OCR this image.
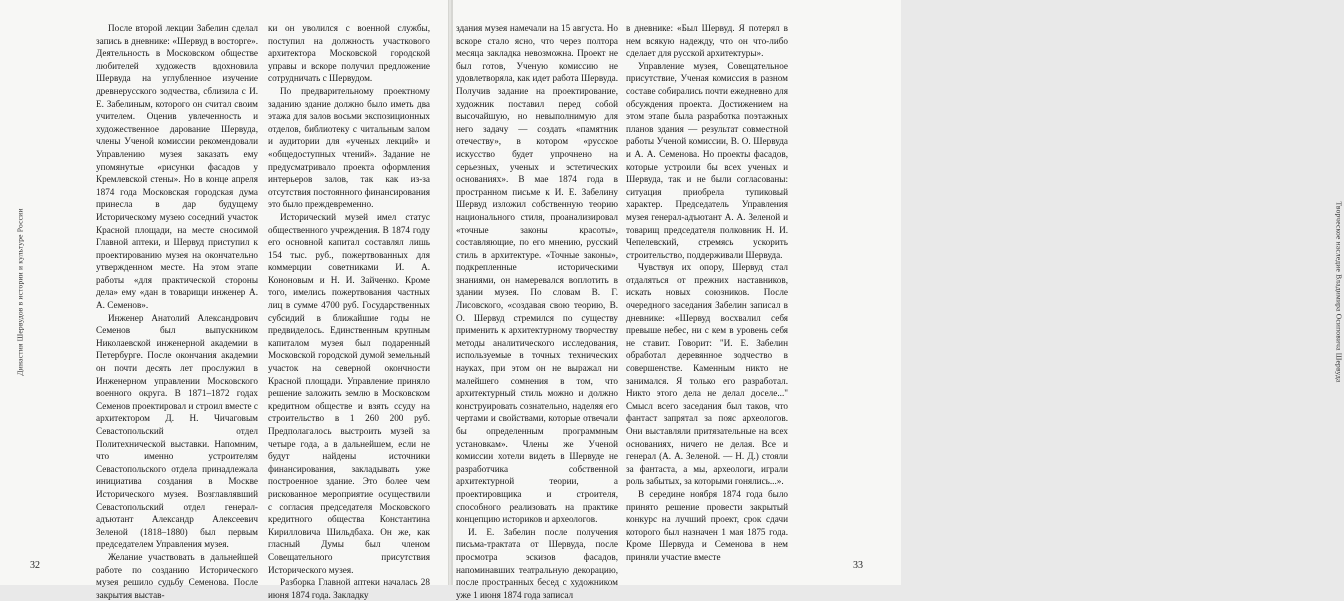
Династия Шервудов в истории и культуре России
32
Творческое наследие Владимира Осиповича Шервуда
33

После второй лекции Забелин сделал запись в дневнике: «Шервуд в восторге». Деятельность в Московском обществе любителей художеств вдохновила Шервуда на углубленное изучение древнерусского зодчества, сблизила с И. Е. Забелиным, которого он считал своим учителем. Оценив увлеченность и художественное дарование Шервуда, члены Ученой комиссии рекомендовали Управлению музея заказать ему упомянутые «рисунки фасадов у Кремлевской стены». Но в конце апреля 1874 года Московская городская дума принесла в дар будущему Историческому музею соседний участок Красной площади, на месте сносимой Главной аптеки, и Шервуд приступил к проектированию музея на окончательно утвержденном месте. На этом этапе работы «для практической стороны дела» ему «дан в товарищи инженер А. А. Семенов».

Инженер Анатолий Александрович Семенов был выпускником Николаевской инженерной академии в Петербурге. После окончания академии он почти десять лет прослужил в Инженерном управлении Московского военного округа. В 1871–1872 годах Семенов проектировал и строил вместе с архитектором Д. Н. Чичаговым Севастопольский отдел Политехнической выставки. Напомним, что именно устроителям Севастопольского отдела принадлежала инициатива создания в Москве Исторического музея. Возглавлявший Севастопольский отдел генерал-адъютант Александр Алексеевич Зеленой (1818–1880) был первым председателем Управления музея.

Желание участвовать в дальнейшей работе по созданию Исторического музея решило судьбу Семенова. После закрытия выстав-

ки он уволился с военной службы, поступил на должность участкового архитектора Московской городской управы и вскоре получил предложение сотрудничать с Шервудом.

По предварительному проектному заданию здание должно было иметь два этажа для залов восьми экспозиционных отделов, библиотеку с читальным залом и аудитории для «ученых лекций» и «общедоступных чтений». Задание не предусматривало проекта оформления интерьеров залов, так как из-за отсутствия постоянного финансирования это было преждевременно.

Исторический музей имел статус общественного учреждения. В 1874 году его основной капитал составлял лишь 154 тыс. руб., пожертвованных для коммерции советниками И. А. Кононовым и Н. И. Зайченко. Кроме того, имелись пожертвования частных лиц в сумме 4700 руб. Государственных субсидий в ближайшие годы не предвиделось. Единственным крупным капиталом музея был подаренный Московской городской думой земельный участок на северной окончности Красной площади. Управление приняло решение заложить землю в Московском кредитном обществе и взять ссуду на строительство в 1 260 200 руб. Предполагалось выстроить музей за четыре года, а в дальнейшем, если не будут найдены источники финансирования, закладывать уже построенное здание. Это более чем рискованное мероприятие осуществили с согласия председателя Московского кредитного общества Константина Кирилловича Шильдбаха. Он же, как гласный Думы был членом Совещательного присутствия Исторического музея.

Разборка Главной аптеки началась 28 июня 1874 года. Закладку

здания музея намечали на 15 августа. Но вскоре стало ясно, что через полтора месяца закладка невозможна. Проект не был готов, Ученую комиссию не удовлетворяла, как идет работа Шервуда. Получив задание на проектирование, художник поставил перед собой высочайшую, но невыполнимую для него задачу — создать «памятник отечеству», в котором «русское искусство будет упрочнено на серьезных, ученых и эстетических основаниях». В мае 1874 года в пространном письме к И. Е. Забелину Шервуд изложил собственную теорию национального стиля, проанализировал «точные законы красоты», составляющие, по его мнению, русский стиль в архитектуре. «Точные законы», подкрепленные историческими знаниями, он намеревался воплотить в здании музея. По словам В. Г. Лисовского, «создавая свою теорию, В. О. Шервуд стремился по существу применить к архитектурному творчеству методы аналитического исследования, используемые в точных технических науках, при этом он не выражал ни малейшего сомнения в том, что архитектурный стиль можно и должно конструировать сознательно, наделяя его чертами и свойствами, которые отвечали бы определенным программным установкам». Члены же Ученой комиссии хотели видеть в Шервуде не разработчика собственной архитектурной теории, а проектировщика и строителя, способного реализовать на практике концепцию историков и археологов.

И. Е. Забелин после получения письма-трактата от Шервуда, после просмотра эскизов фасадов, напоминавших театральную декорацию, после пространных бесед с художником уже 1 июня 1874 года записал

в дневнике: «Был Шервуд. Я потерял в нем всякую надежду, что он что-либо сделает для русской архитектуры».

Управление музея, Совещательное присутствие, Ученая комиссия в разном составе собирались почти ежедневно для обсуждения проекта. Достижением на этом этапе была разработка поэтажных планов здания — результат совместной работы Ученой комиссии, В. О. Шервуда и А. А. Семенова. Но проекты фасадов, которые устроили бы всех ученых и Шервуда, так и не были согласованы: ситуация приобрела тупиковый характер. Председатель Управления музея генерал-адъютант А. А. Зеленой и товарищ председателя полковник Н. И. Чепелевский, стремясь ускорить строительство, поддерживали Шервуда.

Чувствуя их опору, Шервуд стал отдаляться от прежних наставников, искать новых союзников. После очередного заседания Забелин записал в дневнике: «Шервуд восхвалил себя превыше небес, ни с кем в уровень себя не ставит. Говорит: "И. Е. Забелин обработал деревянное зодчество в совершенстве. Каменным никто не занимался. Я только его разработал. Никто этого дела не делал доселе..." Смысл всего заседания был таков, что фантаст запрятал за пояс археологов. Они выставляли притязательные на всех основаниях, ничего не делая. Все и генерал (А. А. Зеленой. — Н. Д.) стояли за фантаста, а мы, археологи, играли роль забытых, за которыми гонялись...».

В середине ноября 1874 года было принято решение провести закрытый конкурс на лучший проект, срок сдачи которого был назначен 1 мая 1875 года. Кроме Шервуда и Семенова в нем приняли участие вместе
